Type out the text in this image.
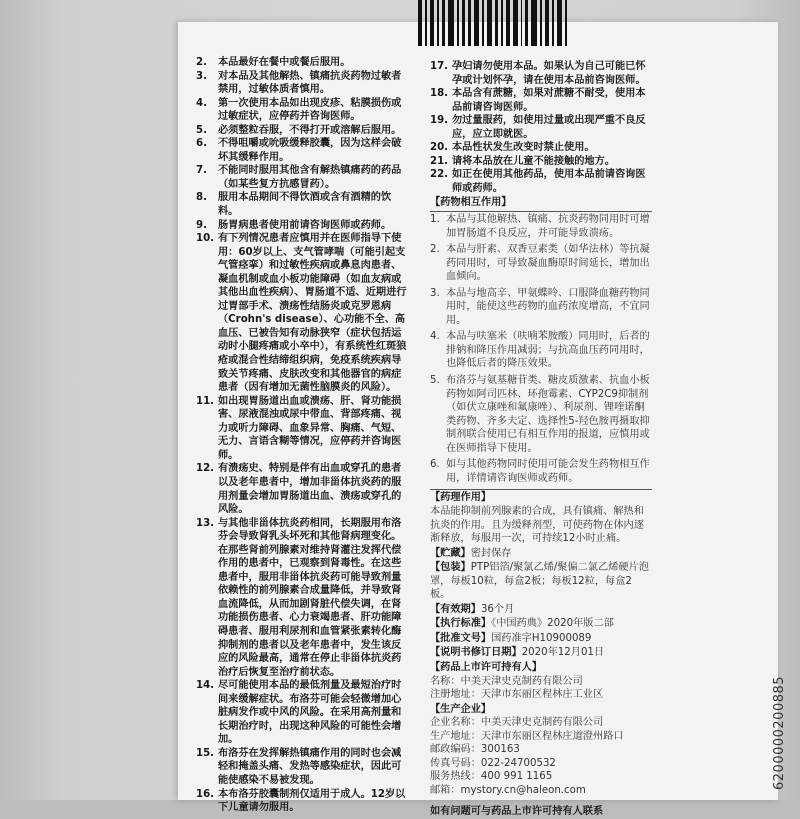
6200000200885
2.	本品最好在餐中或餐后服用。
3.	对本品及其他解热、镇痛抗炎药物过敏者禁用，过敏体质者慎用。
4.	第一次使用本品如出现皮疹、粘膜损伤或过敏症状，应停药并咨询医师。
5.	必须整粒吞服，不得打开或溶解后服用。
6.	不得咀嚼或吮吸缓释胶囊，因为这样会破坏其缓释作用。
7.	不能同时服用其他含有解热镇痛药的药品（如某些复方抗感冒药）。
8.	服用本品期间不得饮酒或含有酒精的饮料。
9.	肠胃病患者使用前请咨询医师或药师。
10. 有下列情况患者应慎用并在医师指导下使用：60岁以上、支气管哮喘（可能引起支气管痉挛）和过敏性疾病或鼻息肉患者、凝血机制或血小板功能障碍（如血友病或其他出血性疾病）、胃肠道不适、近期进行过胃部手术、溃疡性结肠炎或克罗恩病（Crohn's disease）、心功能不全、高血压、已被告知有动脉狭窄（症状包括运动时小腿疼痛或小卒中），有系统性红斑狼疮或混合性结缔组织病，免疫系统疾病导致关节疼痛、皮肤改变和其他器官的病症患者（因有增加无菌性脑膜炎的风险）。
11. 如出现胃肠道出血或溃疡、肝、肾功能损害、尿液混浊或尿中带血、背部疼痛、视力或听力障碍、血象异常、胸痛、气短、无力、言语含糊等情况，应停药并咨询医师。
12. 有溃疡史、特别是伴有出血或穿孔的患者以及老年患者中，增加非甾体抗炎药的服用剂量会增加胃肠道出血、溃疡或穿孔的风险。
13. 与其他非甾体抗炎药相同，长期服用布洛芬会导致肾乳头坏死和其他肾病理变化。在那些肾前列腺素对维持肾灌注发挥代偿作用的患者中，已观察到肾毒性。在这些患者中，服用非甾体抗炎药可能导致剂量依赖性的前列腺素合成量降低，并导致肾血流降低，从而加剧肾脏代偿失调，在肾功能损伤患者、心力衰竭患者、肝功能障碍患者、服用利尿剂和血管紧张素转化酶抑制剂的患者以及老年患者中，发生该反应的风险最高，通常在停止非甾体抗炎药治疗后恢复至治疗前状态。
14. 尽可能使用本品的最低剂量及最短治疗时间来缓解症状。布洛芬可能会轻微增加心脏病发作或中风的风险。在采用高剂量和长期治疗时，出现这种风险的可能性会增加。
15. 布洛芬在发挥解热镇痛作用的同时也会减轻和掩盖头痛、发热等感染症状，因此可能使感染不易被发现。
16. 本布洛芬胶囊制剂仅适用于成人。12岁以下儿童请勿服用。
17. 孕妇请勿使用本品。如果认为自己可能已怀孕或计划怀孕，请在使用本品前咨询医师。
18. 本品含有蔗糖，如果对蔗糖不耐受，使用本品前请咨询医师。
19. 勿过量服药，如使用过量或出现严重不良反应，应立即就医。
20. 本品性状发生改变时禁止使用。
21. 请将本品放在儿童不能接触的地方。
22. 如正在使用其他药品，使用本品前请咨询医师或药师。
【药物相互作用】
1. 本品与其他解热、镇痛、抗炎药物同用时可增加胃肠道不良反应，并可能导致溃疡。
2. 本品与肝素、双香豆素类（如华法林）等抗凝药同用时，可导致凝血酶原时间延长，增加出血倾向。
3. 本品与地高辛、甲氨蝶呤、口服降血糖药物同用时，能使这些药物的血药浓度增高，不宜同用。
4. 本品与呋塞米（呋喃苯胺酸）同用时，后者的排钠和降压作用减弱；与抗高血压药同用时，也降低后者的降压效果。
5. 布洛芬与氨基糖苷类、糖皮质激素、抗血小板药物如阿司匹林、环孢霉素、CYP2C9抑制剂（如伏立康唑和氟康唑）、利尿剂、锂喹诺酮类药物、齐多夫定、选择性5-羟色胺再摄取抑制剂联合使用已有相互作用的报道，应慎用或在医师指导下使用。
6. 如与其他药物同时使用可能会发生药物相互作用，详情请咨询医师或药师。
【药理作用】
本品能抑制前列腺素的合成，具有镇痛、解热和抗炎的作用。且为缓释剂型，可使药物在体内逐渐释放，每服用一次，可持续12小时止痛。
【贮藏】密封保存
【包装】PTP铝箔/聚氯乙烯/聚偏二氯乙烯硬片泡罩，每板10粒，每盒2板；每板12粒，每盒2板。
【有效期】36个月
【执行标准】《中国药典》2020年版二部
【批准文号】国药准字H10900089
【说明书修订日期】2020年12月01日
【药品上市许可持有人】
名称：中美天津史克制药有限公司
注册地址：天津市东丽区程林庄工业区
【生产企业】
企业名称：中美天津史克制药有限公司
生产地址：天津市东丽区程林庄道澄州路口
邮政编码：300163
传真号码：022-24700532
服务热线：400 991 1165
邮箱：mystory.cn@haleon.com
如有问题可与药品上市许可持有人联系
